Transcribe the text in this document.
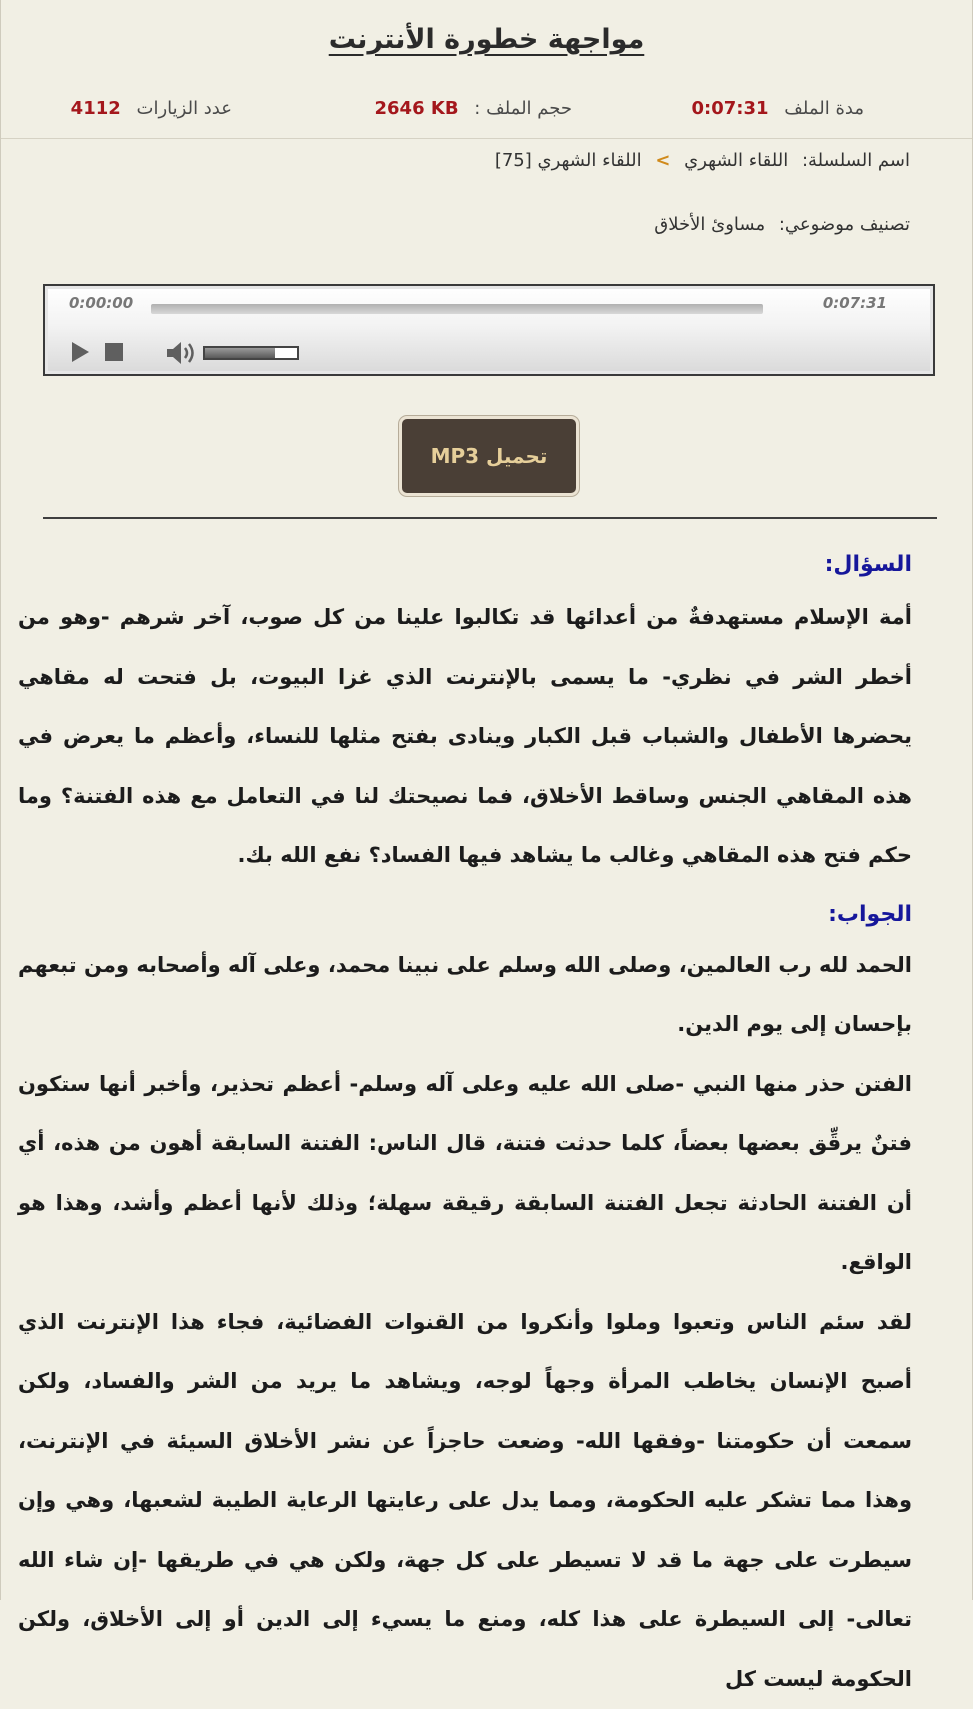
مواجهة خطورة الأنترنت
مدة الملف 0:07:31
حجم الملف : 2646 KB
عدد الزيارات 4112
اسم السلسلة: اللقاء الشهري > اللقاء الشهري [75]
تصنيف موضوعي: مساوئ الأخلاق
0:00:00	0:07:31
تحميل MP3
السؤال:

أمة الإسلام مستهدفةٌ من أعدائها قد تكالبوا علينا من كل صوب، آخر شرهم -وهو من أخطر الشر في نظري- ما يسمى بالإنترنت الذي غزا البيوت، بل فتحت له مقاهي يحضرها الأطفال والشباب قبل الكبار وينادى بفتح مثلها للنساء، وأعظم ما يعرض في هذه المقاهي الجنس وساقط الأخلاق، فما نصيحتك لنا في التعامل مع هذه الفتنة؟ وما حكم فتح هذه المقاهي وغالب ما يشاهد فيها الفساد؟ نفع الله بك.

الجواب:

الحمد لله رب العالمين، وصلى الله وسلم على نبينا محمد، وعلى آله وأصحابه ومن تبعهم بإحسان إلى يوم الدين.

الفتن حذر منها النبي -صلى الله عليه وعلى آله وسلم- أعظم تحذير، وأخبر أنها ستكون فتنٌ يرقِّق بعضها بعضاً، كلما حدثت فتنة، قال الناس: الفتنة السابقة أهون من هذه، أي أن الفتنة الحادثة تجعل الفتنة السابقة رقيقة سهلة؛ وذلك لأنها أعظم وأشد، وهذا هو الواقع.

لقد سئم الناس وتعبوا وملوا وأنكروا من القنوات الفضائية، فجاء هذا الإنترنت الذي أصبح الإنسان يخاطب المرأة وجهاً لوجه، ويشاهد ما يريد من الشر والفساد، ولكن سمعت أن حكومتنا -وفقها الله- وضعت حاجزاً عن نشر الأخلاق السيئة في الإنترنت، وهذا مما تشكر عليه الحكومة، ومما يدل على رعايتها الرعاية الطيبة لشعبها، وهي وإن سيطرت على جهة ما قد لا تسيطر على كل جهة، ولكن هي في طريقها -إن شاء الله تعالى- إلى السيطرة على هذا كله، ومنع ما يسيء إلى الدين أو إلى الأخلاق، ولكن الحكومة ليست كل
